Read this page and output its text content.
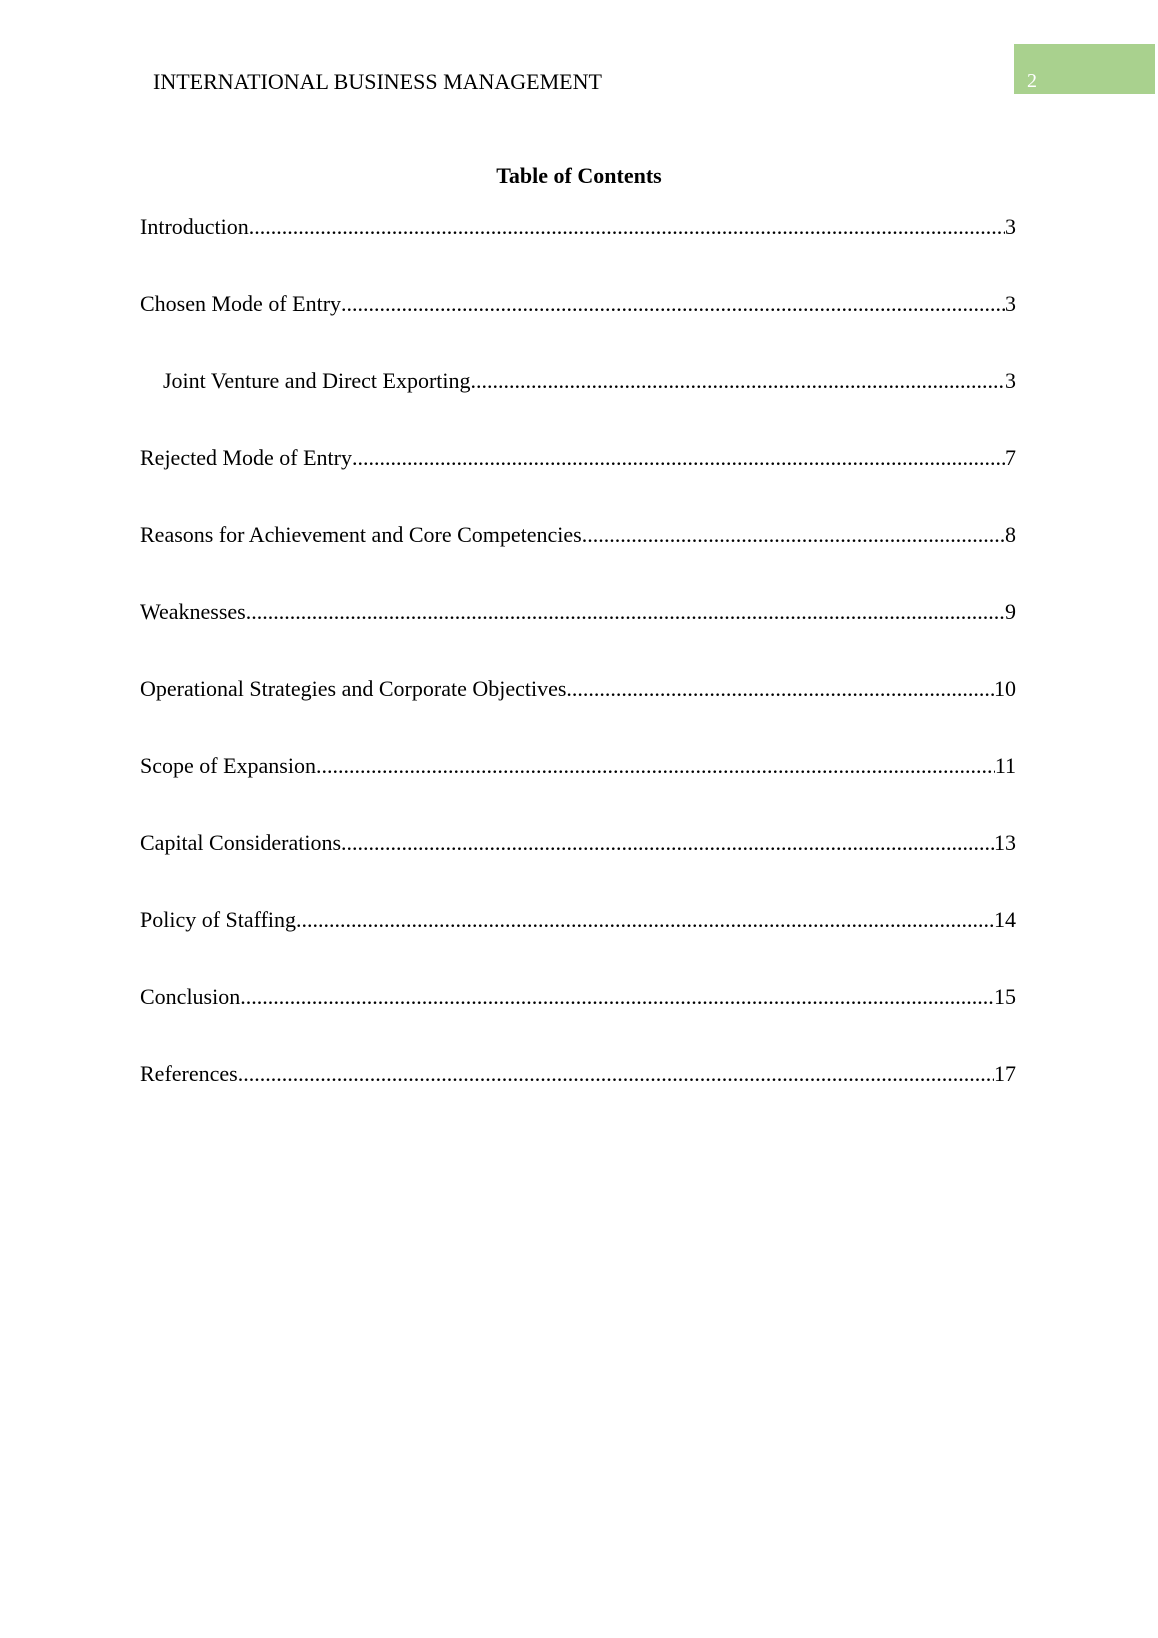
INTERNATIONAL BUSINESS MANAGEMENT	2
Table of Contents
Introduction .....	3
Chosen Mode of Entry .....	3
Joint Venture and Direct Exporting .....	3
Rejected Mode of Entry .....	7
Reasons for Achievement and Core Competencies .....	8
Weaknesses .....	9
Operational Strategies and Corporate Objectives .....	10
Scope of Expansion .....	11
Capital Considerations .....	13
Policy of Staffing .....	14
Conclusion .....	15
References .....	17
